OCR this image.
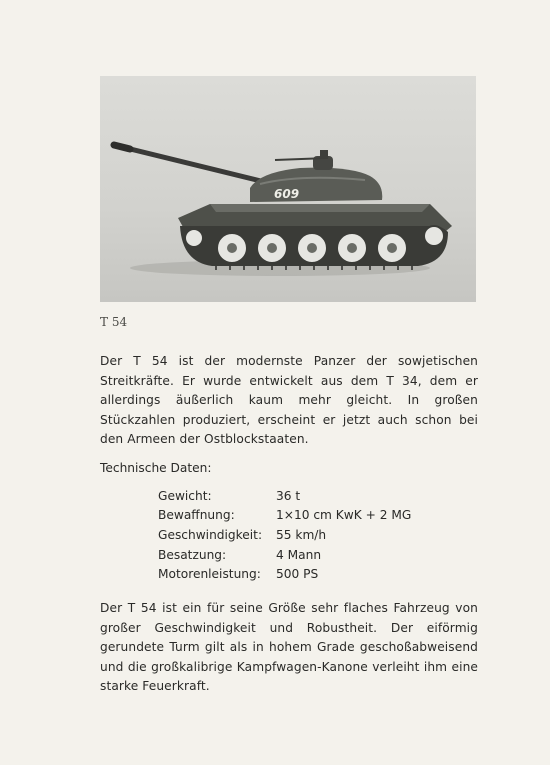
609
T 54

Der T 54 ist der modernste Panzer der sowjetischen Streitkräfte. Er wurde entwickelt aus dem T 34, dem er allerdings äußerlich kaum mehr gleicht. In großen Stückzahlen produziert, erscheint er jetzt auch schon bei den Armeen der Ostblockstaaten.

Technische Daten:
Gewicht:	36 t
Bewaffnung:	1×10 cm KwK + 2 MG
Geschwindigkeit:	55 km/h
Besatzung:	4 Mann
Motorenleistung:	500 PS

Der T 54 ist ein für seine Größe sehr flaches Fahrzeug von großer Geschwindigkeit und Robustheit. Der eiförmig gerundete Turm gilt als in hohem Grade geschoßabweisend und die großkalibrige Kampfwagen-Kanone verleiht ihm eine starke Feuerkraft.
